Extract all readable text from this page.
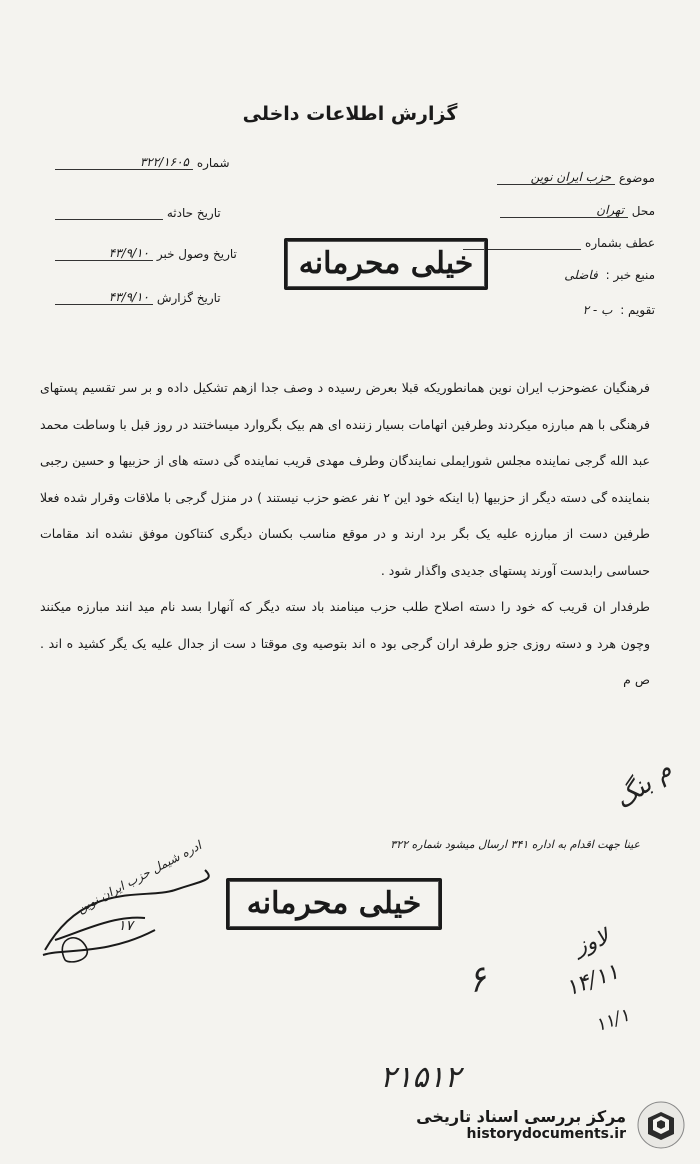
گزارش اطلاعات داخلی
موضوع حزب ایران نوین
محل تهران
عطف بشماره
منبع خبر : فاضلی
تقویم : ب - ۲
شماره ۳۲۲/۱۶۰۵
تاریخ حادثه
تاریخ وصول خبر ۴۳/۹/۱۰
تاریخ گزارش ۴۳/۹/۱۰
خیلی محرمانه

فرهنگیان عضوحزب ایران نوین همانطوریکه قبلا بعرض رسیده د وصف جدا ازهم تشکیل داده و بر سر تقسیم پستهای فرهنگی با هم مبارزه میکردند وطرفین اتهامات بسیار زننده ای هم بیک بگروارد میساختند در روز قبل با وساطت محمد عبد الله گرجی نماینده مجلس شورایملی نمایندگان وطرف مهدی قریب نماینده گی دسته های از حزبیها و حسین رجبی بنماینده گی دسته دیگر از حزبیها (با اینکه خود این ۲ نفر عضو حزب نیستند ) در منزل گرجی با ملاقات وقرار شده فعلا طرفین دست از مبارزه علیه یک بگر برد ارند و در موقع مناسب بکسان دیگری کنتاکون موفق نشده اند مقامات حساسی رابدست آورند پستهای جدیدی واگذار شود .

طرفدار ان قریب که خود را دسته اصلاح طلب حزب مینامند باد سته دیگر که آنهارا بسد نام مید انند مبارزه میکنند وچون هرد و دسته روزی جزو طرفد اران گرجی بود ه اند بتوصیه وی موقتا د ست از جدال علیه یک یگر کشید ه اند . ص م

م بنگ
عینا جهت اقدام به اداره ۳۴۱ ارسال میشود شماره ۳۲۲
خیلی محرمانه
ادره شیمل حزب ایران نوین
۱۷
۶
لاوز
۱۴/۱۱
۱۱/۱
۲۱۵۱۲
مرکز بررسی اسناد تاریخی
historydocuments.ir
